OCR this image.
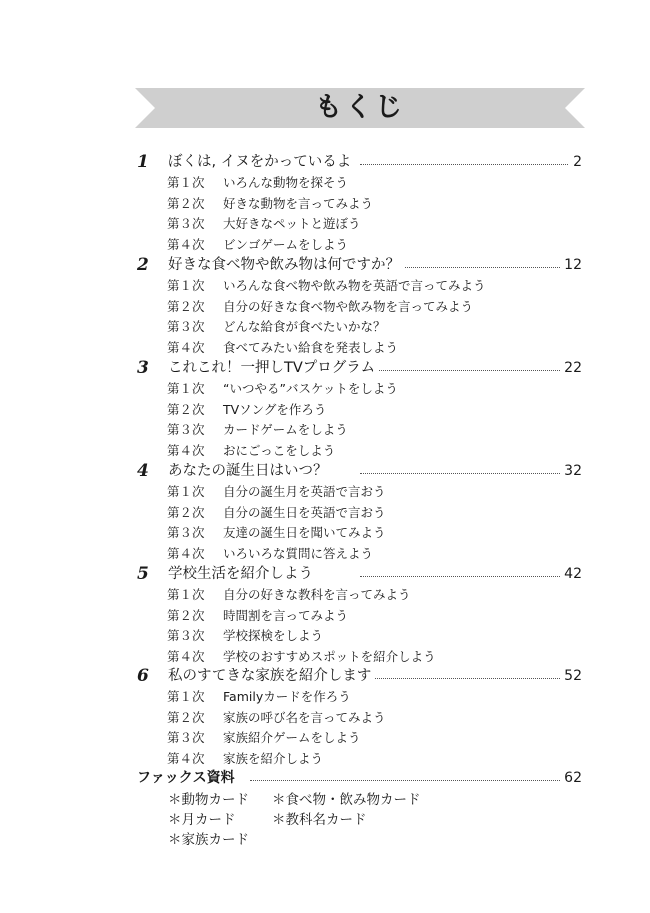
もくじ
1 ぼくは, イヌをかっているよ	2
第１次 いろんな動物を探そう
第２次 好きな動物を言ってみよう
第３次 大好きなペットと遊ぼう
第４次 ビンゴゲームをしよう
2 好きな食べ物や飲み物は何ですか？	12
第１次 いろんな食べ物や飲み物を英語で言ってみよう
第２次 自分の好きな食べ物や飲み物を言ってみよう
第３次 どんな給食が食べたいかな？
第４次 食べてみたい給食を発表しよう
3 これこれ！一押しTVプログラム	22
第１次 “いつやる”バスケットをしよう
第２次 TVソングを作ろう
第３次 カードゲームをしよう
第４次 おにごっこをしよう
4 あなたの誕生日はいつ？	32
第１次 自分の誕生月を英語で言おう
第２次 自分の誕生日を英語で言おう
第３次 友達の誕生日を聞いてみよう
第４次 いろいろな質問に答えよう
5 学校生活を紹介しよう	42
第１次 自分の好きな教科を言ってみよう
第２次 時間割を言ってみよう
第３次 学校探検をしよう
第４次 学校のおすすめスポットを紹介しよう
6 私のすてきな家族を紹介します	52
第１次 Familyカードを作ろう
第２次 家族の呼び名を言ってみよう
第３次 家族紹介ゲームをしよう
第４次 家族を紹介しよう
ファックス資料	62
＊動物カード ＊食べ物・飲み物カード
＊月カード	＊教科名カード
＊家族カード
